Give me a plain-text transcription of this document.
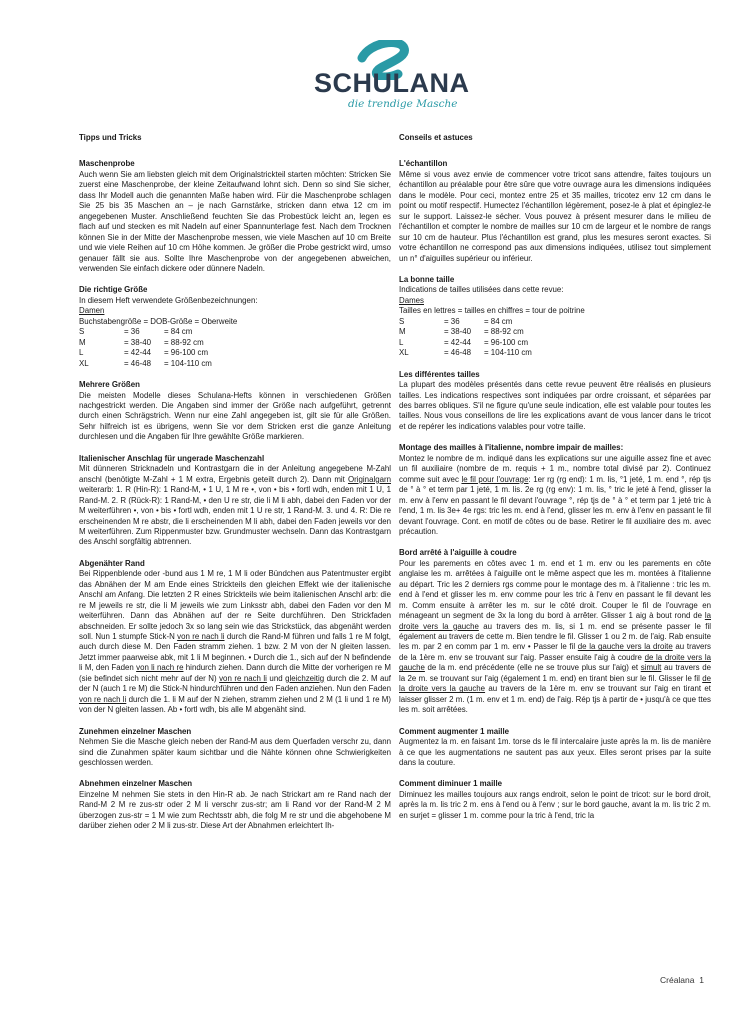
SCHULANA
die trendige Masche
Tipps und Tricks
Maschenprobe
Auch wenn Sie am liebsten gleich mit dem Originalstrickteil starten möchten: Stricken Sie zuerst eine Maschenprobe, der kleine Zeitaufwand lohnt sich. Denn so sind Sie sicher, dass Ihr Modell auch die genannten Maße haben wird. Für die Maschenprobe schlagen Sie 25 bis 35 Maschen an – je nach Garnstärke, stricken dann etwa 12 cm im angegebenen Muster. Anschließend feuchten Sie das Probestück leicht an, legen es flach auf und stecken es mit Nadeln auf einer Spannunterlage fest. Nach dem Trocknen können Sie in der Mitte der Maschenprobe messen, wie viele Maschen auf 10 cm Breite und wie viele Reihen auf 10 cm Höhe kommen. Je größer die Probe gestrickt wird, umso genauer fällt sie aus. Sollte Ihre Maschenprobe von der angegebenen abweichen, verwenden Sie einfach dickere oder dünnere Nadeln.
Die richtige Größe
In diesem Heft verwendete Größenbezeichnungen:
Damen
Buchstabengröße = DOB-Größe = Oberweite
S	= 36	= 84 cm
M	= 38-40	= 88-92 cm
L	= 42-44	= 96-100 cm
XL	= 46-48	= 104-110 cm
Mehrere Größen
Die meisten Modelle dieses Schulana-Hefts können in verschiedenen Größen nachgestrickt werden. Die Angaben sind immer der Größe nach aufgeführt, getrennt durch einen Schrägstrich. Wenn nur eine Zahl angegeben ist, gilt sie für alle Größen. Sehr hilfreich ist es übrigens, wenn Sie vor dem Stricken erst die ganze Anleitung durchlesen und die Angaben für Ihre gewählte Größe markieren.
Italienischer Anschlag für ungerade Maschenzahl
Mit dünneren Stricknadeln und Kontrastgarn die in der Anleitung angegebene M-Zahl anschl (benötigte M-Zahl + 1 M extra, Ergebnis geteilt durch 2). Dann mit Originalgarn weiterarb: 1. R (Hin-R): 1 Rand-M, • 1 U, 1 M re •, von • bis • fortl wdh, enden mit 1 U, 1 Rand-M. 2. R (Rück-R): 1 Rand-M, • den U re str, die li M li abh, dabei den Faden vor der M weiterführen •, von • bis • fortl wdh, enden mit 1 U re str, 1 Rand-M. 3. und 4. R: Die re erscheinenden M re abstr, die li erscheinenden M li abh, dabei den Faden jeweils vor den M weiterführen. Zum Rippenmuster bzw. Grundmuster wechseln. Dann das Kontrastgarn des Anschl sorgfältig abtrennen.
Abgenähter Rand
Bei Rippenblende oder -bund aus 1 M re, 1 M li oder Bündchen aus Patentmuster ergibt das Abnähen der M am Ende eines Strickteils den gleichen Effekt wie der italienische Anschl am Anfang. Die letzten 2 R eines Strickteils wie beim italienischen Anschl arb: die re M jeweils re str, die li M jeweils wie zum Linksstr abh, dabei den Faden vor den M weiterführen. Dann das Abnähen auf der re Seite durchführen. Den Strickfaden abschneiden. Er sollte jedoch 3x so lang sein wie das Strickstück, das abgenäht werden soll. Nun 1 stumpfe Stick-N von re nach li durch die Rand-M führen und falls 1 re M folgt, auch durch diese M. Den Faden stramm ziehen. 1 bzw. 2 M von der N gleiten lassen. Jetzt immer paarweise abk, mit 1 li M beginnen. • Durch die 1., sich auf der N befindende li M, den Faden von li nach re hindurch ziehen. Dann durch die Mitte der vorherigen re M (sie befindet sich nicht mehr auf der N) von re nach li und gleichzeitig durch die 2. M auf der N (auch 1 re M) die Stick-N hindurchführen und den Faden anziehen. Nun den Faden von re nach li durch die 1. li M auf der N ziehen, stramm ziehen und 2 M (1 li und 1 re M) von der N gleiten lassen. Ab • fortl wdh, bis alle M abgenäht sind.
Zunehmen einzelner Maschen
Nehmen Sie die Masche gleich neben der Rand-M aus dem Querfaden verschr zu, dann sind die Zunahmen später kaum sichtbar und die Nähte können ohne Schwierigkeiten geschlossen werden.
Abnehmen einzelner Maschen
Einzelne M nehmen Sie stets in den Hin-R ab. Je nach Strickart am re Rand nach der Rand-M 2 M re zus-str oder 2 M li verschr zus-str; am li Rand vor der Rand-M 2 M überzogen zus-str = 1 M wie zum Rechtsstr abh, die folg M re str und die abgehobene M darüber ziehen oder 2 M li zus-str. Diese Art der Abnahmen erleichtert Ih-
Conseils et astuces
L'échantillon
Même si vous avez envie de commencer votre tricot sans attendre, faites toujours un échantillon au préalable pour être sûre que votre ouvrage aura les dimensions indiquées dans le modèle. Pour ceci, montez entre 25 et 35 mailles, tricotez env 12 cm dans le point ou motif respectif. Humectez l'échantillon légèrement, posez-le à plat et épinglez-le sur le support. Laissez-le sécher. Vous pouvez à présent mesurer dans le milieu de l'échantillon et compter le nombre de mailles sur 10 cm de largeur et le nombre de rangs sur 10 cm de hauteur. Plus l'échantillon est grand, plus les mesures seront exactes. Si votre échantillon ne correspond pas aux dimensions indiquées, utilisez tout simplement un n° d'aiguilles supérieur ou inférieur.
La bonne taille
Indications de tailles utilisées dans cette revue:
Dames
Tailles en lettres = tailles en chiffres = tour de poitrine
S	= 36	= 84 cm
M	= 38-40	= 88-92 cm
L	= 42-44	= 96-100 cm
XL	= 46-48	= 104-110 cm
Les différentes tailles
La plupart des modèles présentés dans cette revue peuvent être réalisés en plusieurs tailles. Les indications respectives sont indiquées par ordre croissant, et séparées par des barres obliques. S'il ne figure qu'une seule indication, elle est valable pour toutes les tailles. Nous vous conseillons de lire les explications avant de vous lancer dans le tricot et de repérer les indications valables pour votre taille.
Montage des mailles à l'italienne, nombre impair de mailles:
Montez le nombre de m. indiqué dans les explications sur une aiguille assez fine et avec un fil auxiliaire (nombre de m. requis + 1 m., nombre total divisé par 2). Continuez comme suit avec le fil pour l'ouvrage: 1er rg (rg end): 1 m. lis, °1 jeté, 1 m. end °, rép tjs de ° à ° et term par 1 jeté, 1 m. lis. 2e rg (rg env): 1 m. lis, ° tric le jeté à l'end, glisser la m. env à l'env en passant le fil devant l'ouvrage °, rép tjs de ° à ° et term par 1 jeté tric à l'end, 1 m. lis 3e+ 4e rgs: tric les m. end à l'end, glisser les m. env à l'env en passant le fil devant l'ouvrage. Cont. en motif de côtes ou de base. Retirer le fil auxiliaire des m. avec précaution.
Bord arrêté à l'aiguille à coudre
Pour les parements en côtes avec 1 m. end et 1 m. env ou les parements en côte anglaise les m. arrêtées à l'aiguille ont le même aspect que les m. montées à l'italienne au départ. Tric les 2 derniers rgs comme pour le montage des m. à l'italienne : tric les m. end à l'end et glisser les m. env comme pour les tric à l'env en passant le fil devant les m. Comm ensuite à arrêter les m. sur le côté droit. Couper le fil de l'ouvrage en ménageant un segment de 3x la long du bord à arrêter. Glisser 1 aig à bout rond de la droite vers la gauche au travers des m. lis, si 1 m. end se présente passer le fil également au travers de cette m. Bien tendre le fil. Glisser 1 ou 2 m. de l'aig. Rab ensuite les m. par 2 en comm par 1 m. env • Passer le fil de la gauche vers la droite au travers de la 1ère m. env se trouvant sur l'aig. Passer ensuite l'aig à coudre de la droite vers la gauche de la m. end précédente (elle ne se trouve plus sur l'aig) et simult au travers de la 2e m. se trouvant sur l'aig (également 1 m. end) en tirant bien sur le fil. Glisser le fil de la droite vers la gauche au travers de la 1ère m. env se trouvant sur l'aig en tirant et laisser glisser 2 m. (1 m. env et 1 m. end) de l'aig. Rép tjs à partir de • jusqu'à ce que ttes les m. soit arrêtées.
Comment augmenter 1 maille
Augmentez la m. en faisant 1m. torse ds le fil intercalaire juste après la m. lis de manière à ce que les augmentations ne sautent pas aux yeux. Elles seront prises par la suite dans la couture.
Comment diminuer 1 maille
Diminuez les mailles toujours aux rangs endroit, selon le point de tricot: sur le bord droit, après la m. lis tric 2 m. ens à l'end ou à l'env ; sur le bord gauche, avant la m. lis tric 2 m. en surjet = glisser 1 m. comme pour la tric à l'end, tric la
Créalana 1
